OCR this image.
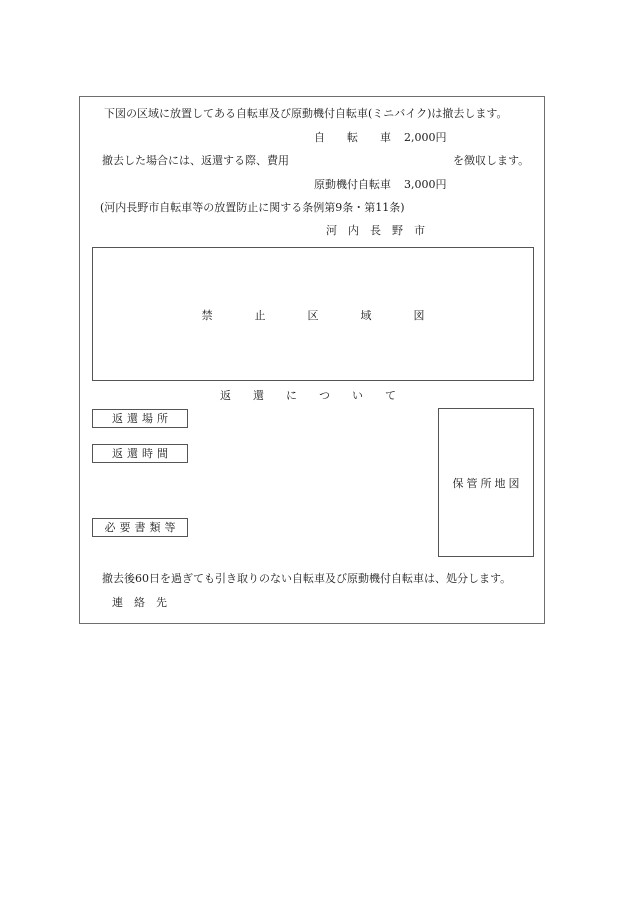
下図の区域に放置してある自転車及び原動機付自転車(ミニバイク)は撤去します。
自　　転　　車 2,000円
撤去した場合には、返還する際、費用	を徴収します。
原動機付自転車 3,000円
(河内長野市自転車等の放置防止に関する条例第9条・第11条)
河　内　長　野　市
禁止区域図
返　　還　　に　　つ　　い　　て
返還場所
返還時間
必要書類等
保管所地図
撤去後60日を過ぎても引き取りのない自転車及び原動機付自転車は、処分します。
連　絡　先
